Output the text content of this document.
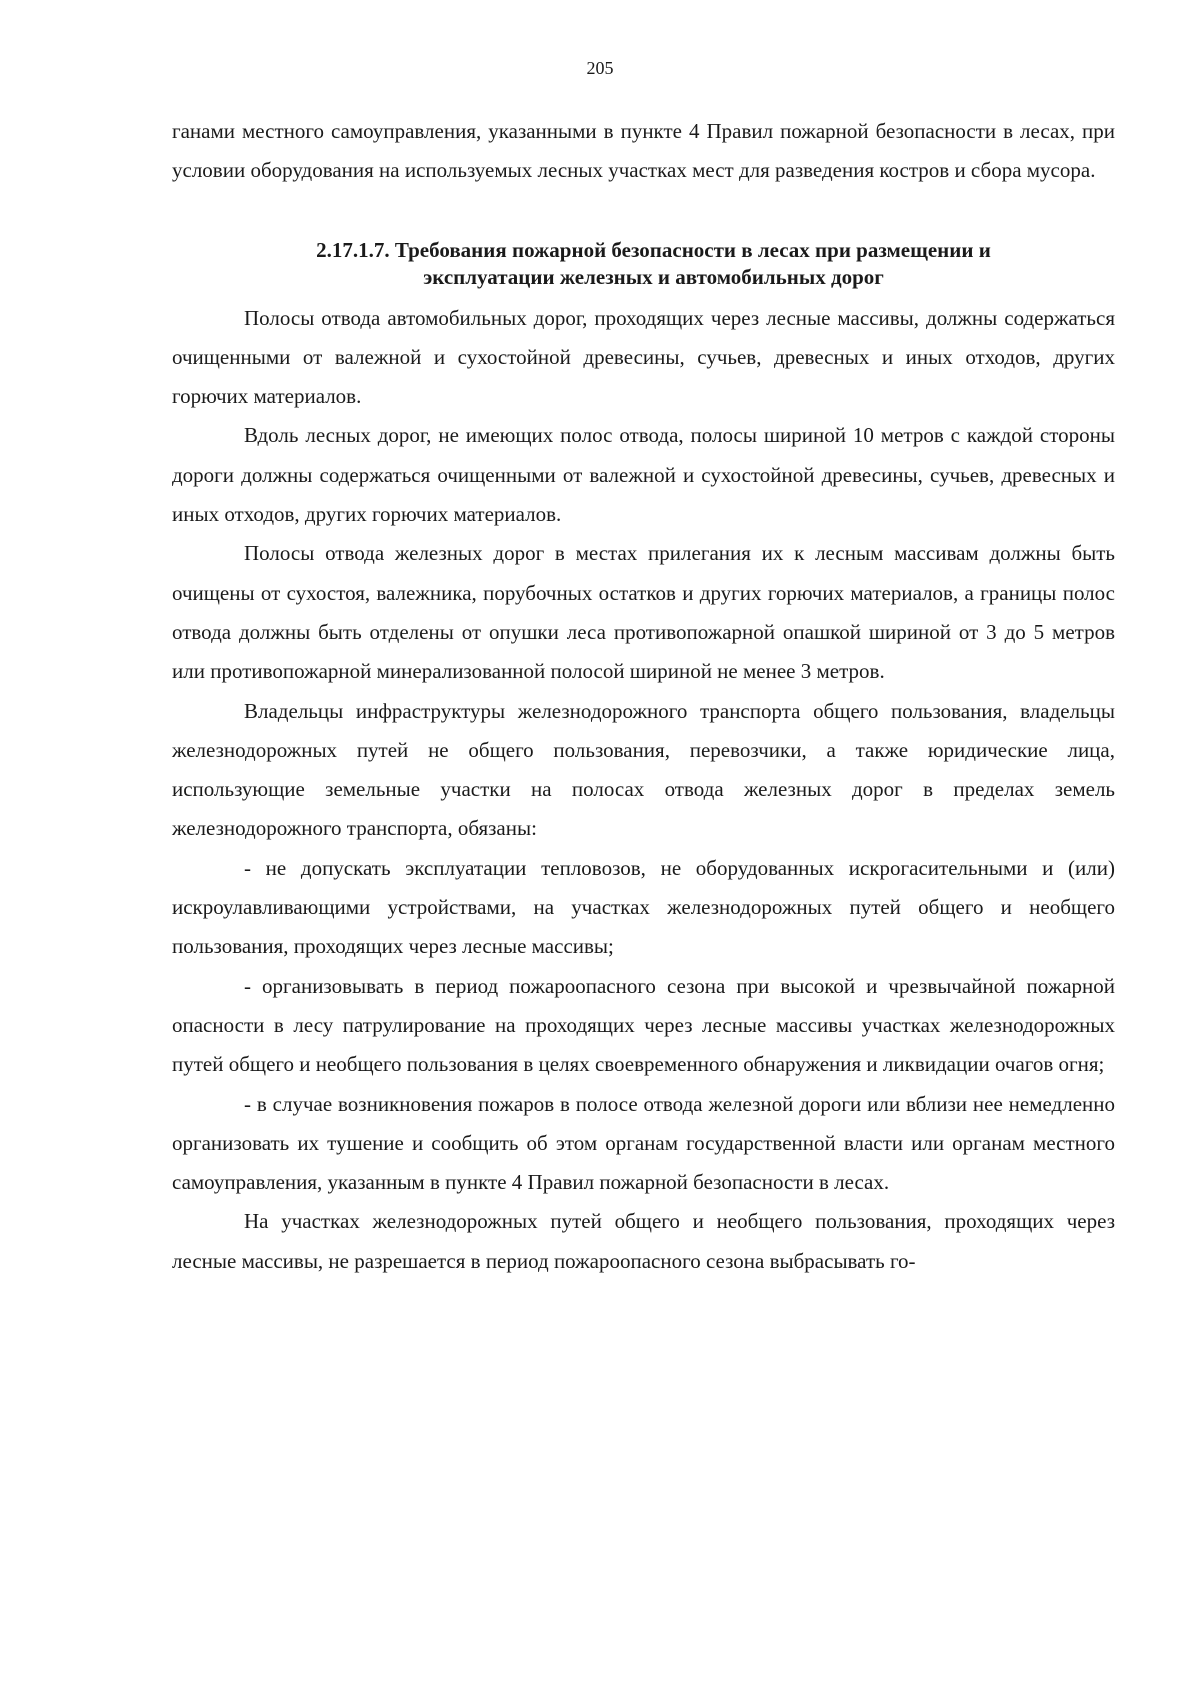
205

ганами местного самоуправления, указанными в пункте 4 Правил пожарной безопасности в лесах, при условии оборудования на используемых лесных участках мест для разведения костров и сбора мусора.

2.17.1.7. Требования пожарной безопасности в лесах при размещении и
эксплуатации железных и автомобильных дорог

Полосы отвода автомобильных дорог, проходящих через лесные массивы, должны содержаться очищенными от валежной и сухостойной древесины, сучьев, древесных и иных отходов, других горючих материалов.

Вдоль лесных дорог, не имеющих полос отвода, полосы шириной 10 метров с каждой стороны дороги должны содержаться очищенными от валежной и сухостойной древесины, сучьев, древесных и иных отходов, других горючих материалов.

Полосы отвода железных дорог в местах прилегания их к лесным массивам должны быть очищены от сухостоя, валежника, порубочных остатков и других горючих материалов, а границы полос отвода должны быть отделены от опушки леса противопожарной опашкой шириной от 3 до 5 метров или противопожарной минерализованной полосой шириной не менее 3 метров.

Владельцы инфраструктуры железнодорожного транспорта общего пользования, владельцы железнодорожных путей не общего пользования, перевозчики, а также юридические лица, использующие земельные участки на полосах отвода железных дорог в пределах земель железнодорожного транспорта, обязаны:

- не допускать эксплуатации тепловозов, не оборудованных искрогасительными и (или) искроулавливающими устройствами, на участках железнодорожных путей общего и необщего пользования, проходящих через лесные массивы;

- организовывать в период пожароопасного сезона при высокой и чрезвычайной пожарной опасности в лесу патрулирование на проходящих через лесные массивы участках железнодорожных путей общего и необщего пользования в целях своевременного обнаружения и ликвидации очагов огня;

- в случае возникновения пожаров в полосе отвода железной дороги или вблизи нее немедленно организовать их тушение и сообщить об этом органам государственной власти или органам местного самоуправления, указанным в пункте 4 Правил пожарной безопасности в лесах.

На участках железнодорожных путей общего и необщего пользования, проходящих через лесные массивы, не разрешается в период пожароопасного сезона выбрасывать го-
